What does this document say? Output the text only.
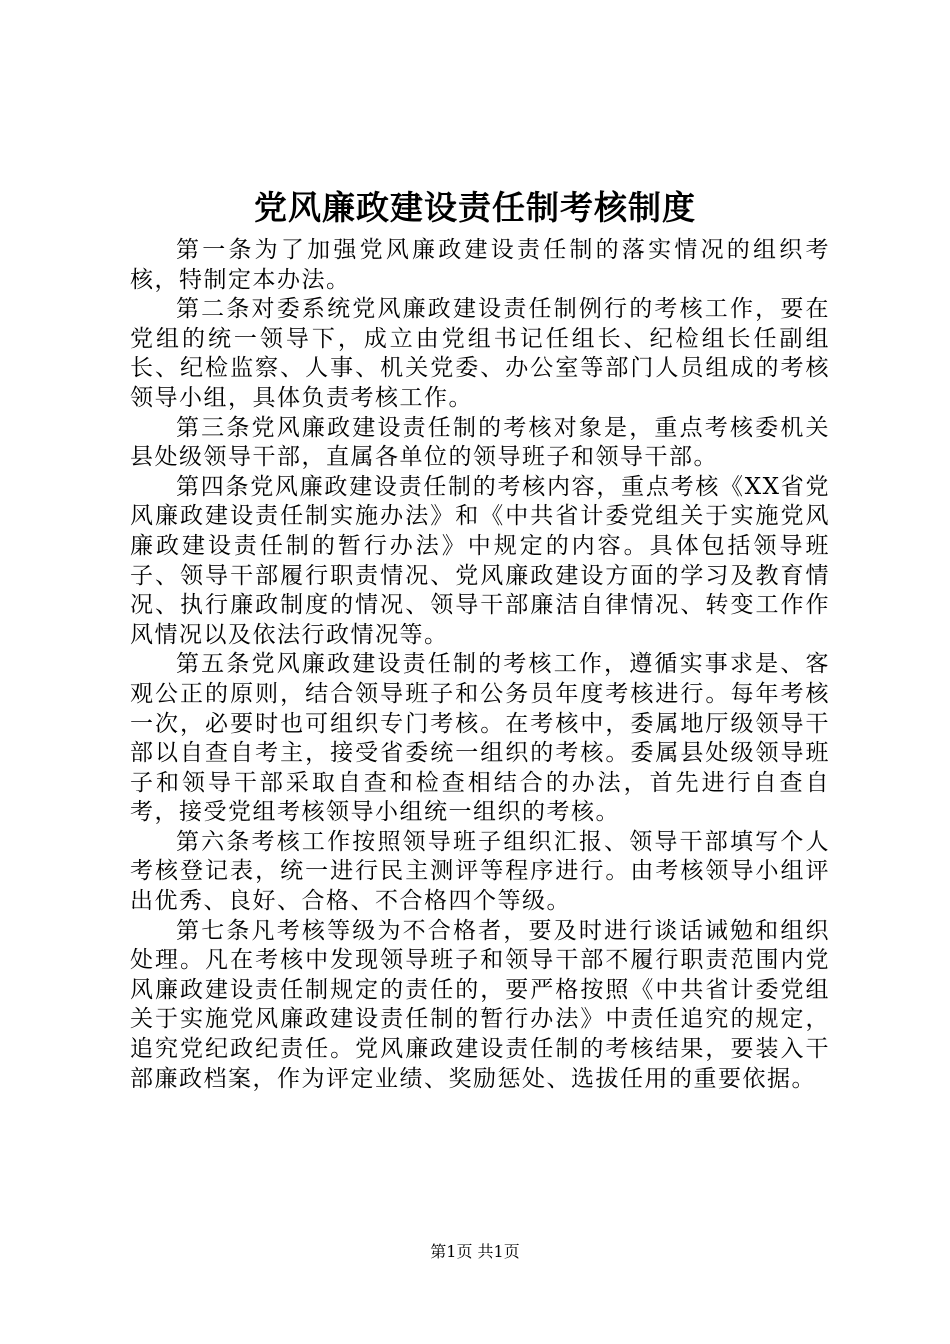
党风廉政建设责任制考核制度

第一条为了加强党风廉政建设责任制的落实情况的组织考核，特制定本办法。

第二条对委系统党风廉政建设责任制例行的考核工作，要在党组的统一领导下，成立由党组书记任组长、纪检组长任副组长、纪检监察、人事、机关党委、办公室等部门人员组成的考核领导小组，具体负责考核工作。

第三条党风廉政建设责任制的考核对象是，重点考核委机关县处级领导干部，直属各单位的领导班子和领导干部。

第四条党风廉政建设责任制的考核内容，重点考核《XX省党风廉政建设责任制实施办法》和《中共省计委党组关于实施党风廉政建设责任制的暂行办法》中规定的内容。具体包括领导班子、领导干部履行职责情况、党风廉政建设方面的学习及教育情况、执行廉政制度的情况、领导干部廉洁自律情况、转变工作作风情况以及依法行政情况等。

第五条党风廉政建设责任制的考核工作，遵循实事求是、客观公正的原则，结合领导班子和公务员年度考核进行。每年考核一次，必要时也可组织专门考核。在考核中，委属地厅级领导干部以自查自考主，接受省委统一组织的考核。委属县处级领导班子和领导干部采取自查和检查相结合的办法，首先进行自查自考，接受党组考核领导小组统一组织的考核。

第六条考核工作按照领导班子组织汇报、领导干部填写个人考核登记表，统一进行民主测评等程序进行。由考核领导小组评出优秀、良好、合格、不合格四个等级。

第七条凡考核等级为不合格者，要及时进行谈话诫勉和组织处理。凡在考核中发现领导班子和领导干部不履行职责范围内党风廉政建设责任制规定的责任的，要严格按照《中共省计委党组关于实施党风廉政建设责任制的暂行办法》中责任追究的规定，追究党纪政纪责任。党风廉政建设责任制的考核结果，要装入干部廉政档案，作为评定业绩、奖励惩处、选拔任用的重要依据。

第1页 共1页
